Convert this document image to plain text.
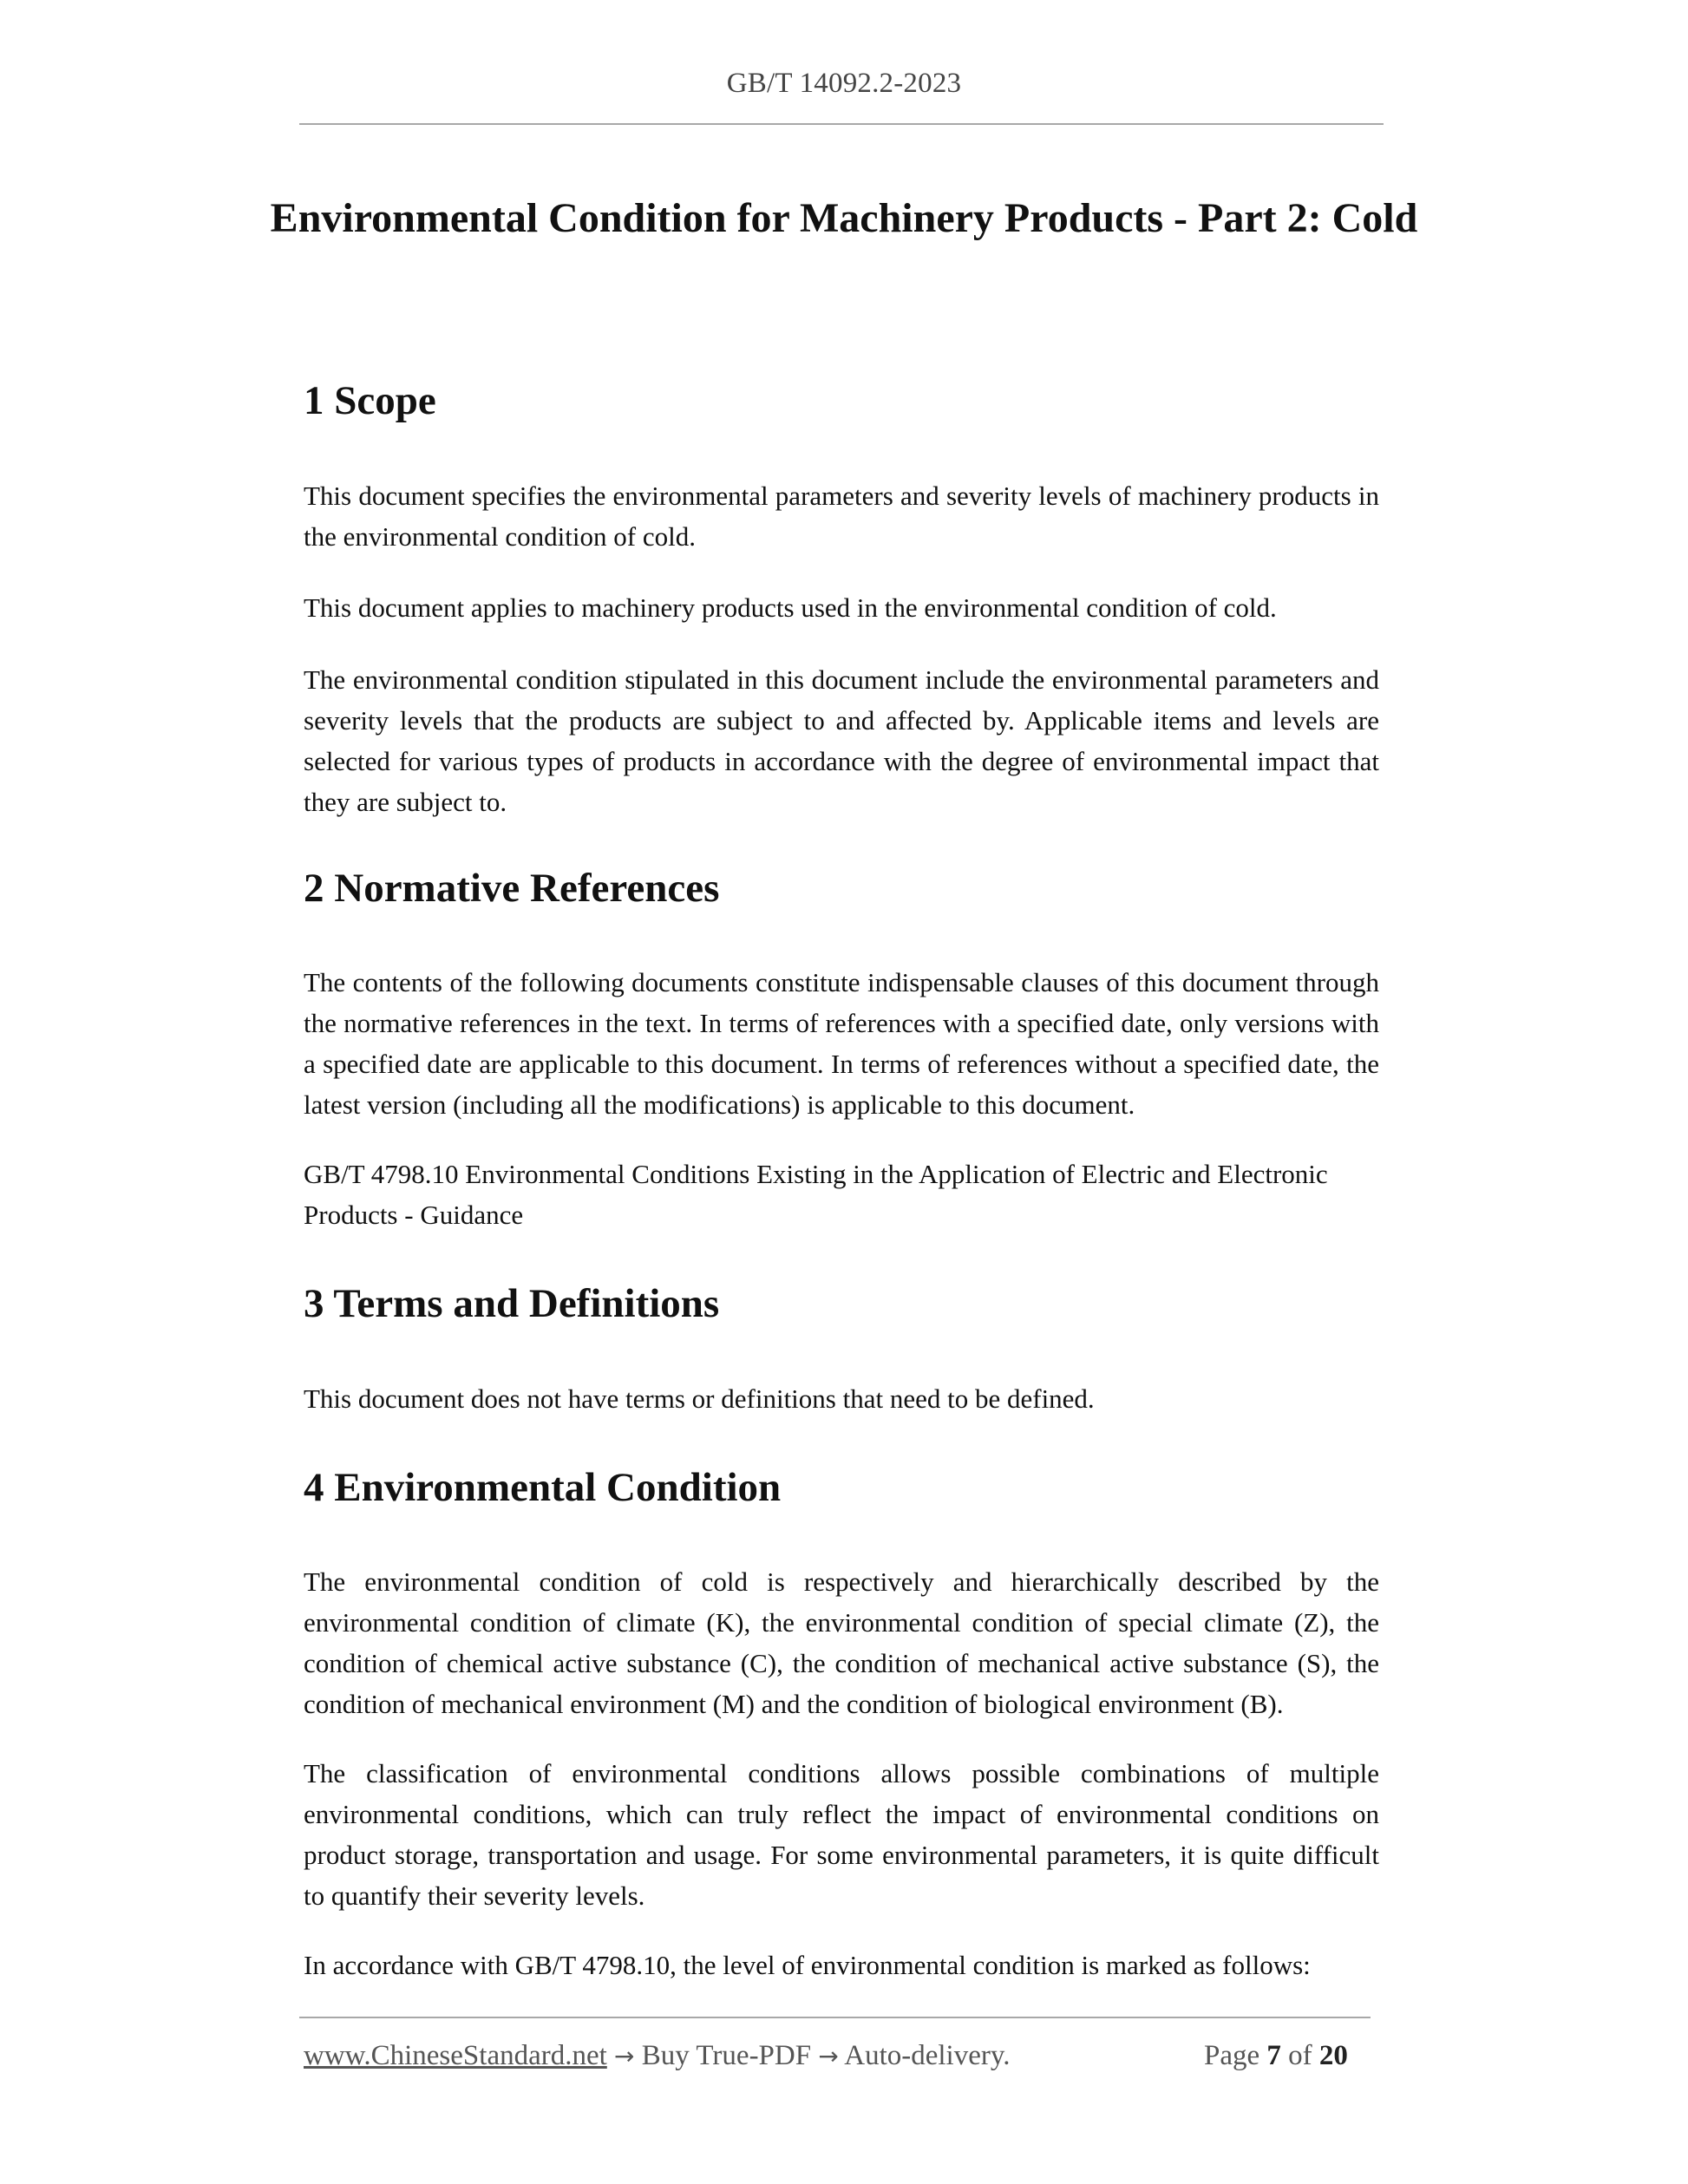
GB/T 14092.2-2023
Environmental Condition for Machinery Products - Part 2: Cold
1 Scope

This document specifies the environmental parameters and severity levels of machinery products in the environmental condition of cold.

This document applies to machinery products used in the environmental condition of cold.

The environmental condition stipulated in this document include the environmental parameters and severity levels that the products are subject to and affected by. Applicable items and levels are selected for various types of products in accordance with the degree of environmental impact that they are subject to.

2 Normative References

The contents of the following documents constitute indispensable clauses of this document through the normative references in the text. In terms of references with a specified date, only versions with a specified date are applicable to this document. In terms of references without a specified date, the latest version (including all the modifications) is applicable to this document.

GB/T 4798.10 Environmental Conditions Existing in the Application of Electric and Electronic Products - Guidance

3 Terms and Definitions

This document does not have terms or definitions that need to be defined.

4 Environmental Condition

The environmental condition of cold is respectively and hierarchically described by the environmental condition of climate (K), the environmental condition of special climate (Z), the condition of chemical active substance (C), the condition of mechanical active substance (S), the condition of mechanical environment (M) and the condition of biological environment (B).

The classification of environmental conditions allows possible combinations of multiple environmental conditions, which can truly reflect the impact of environmental conditions on product storage, transportation and usage. For some environmental parameters, it is quite difficult to quantify their severity levels.

In accordance with GB/T 4798.10, the level of environmental condition is marked as follows:

www.ChineseStandard.net → Buy True-PDF → Auto-delivery.	Page 7 of 20
